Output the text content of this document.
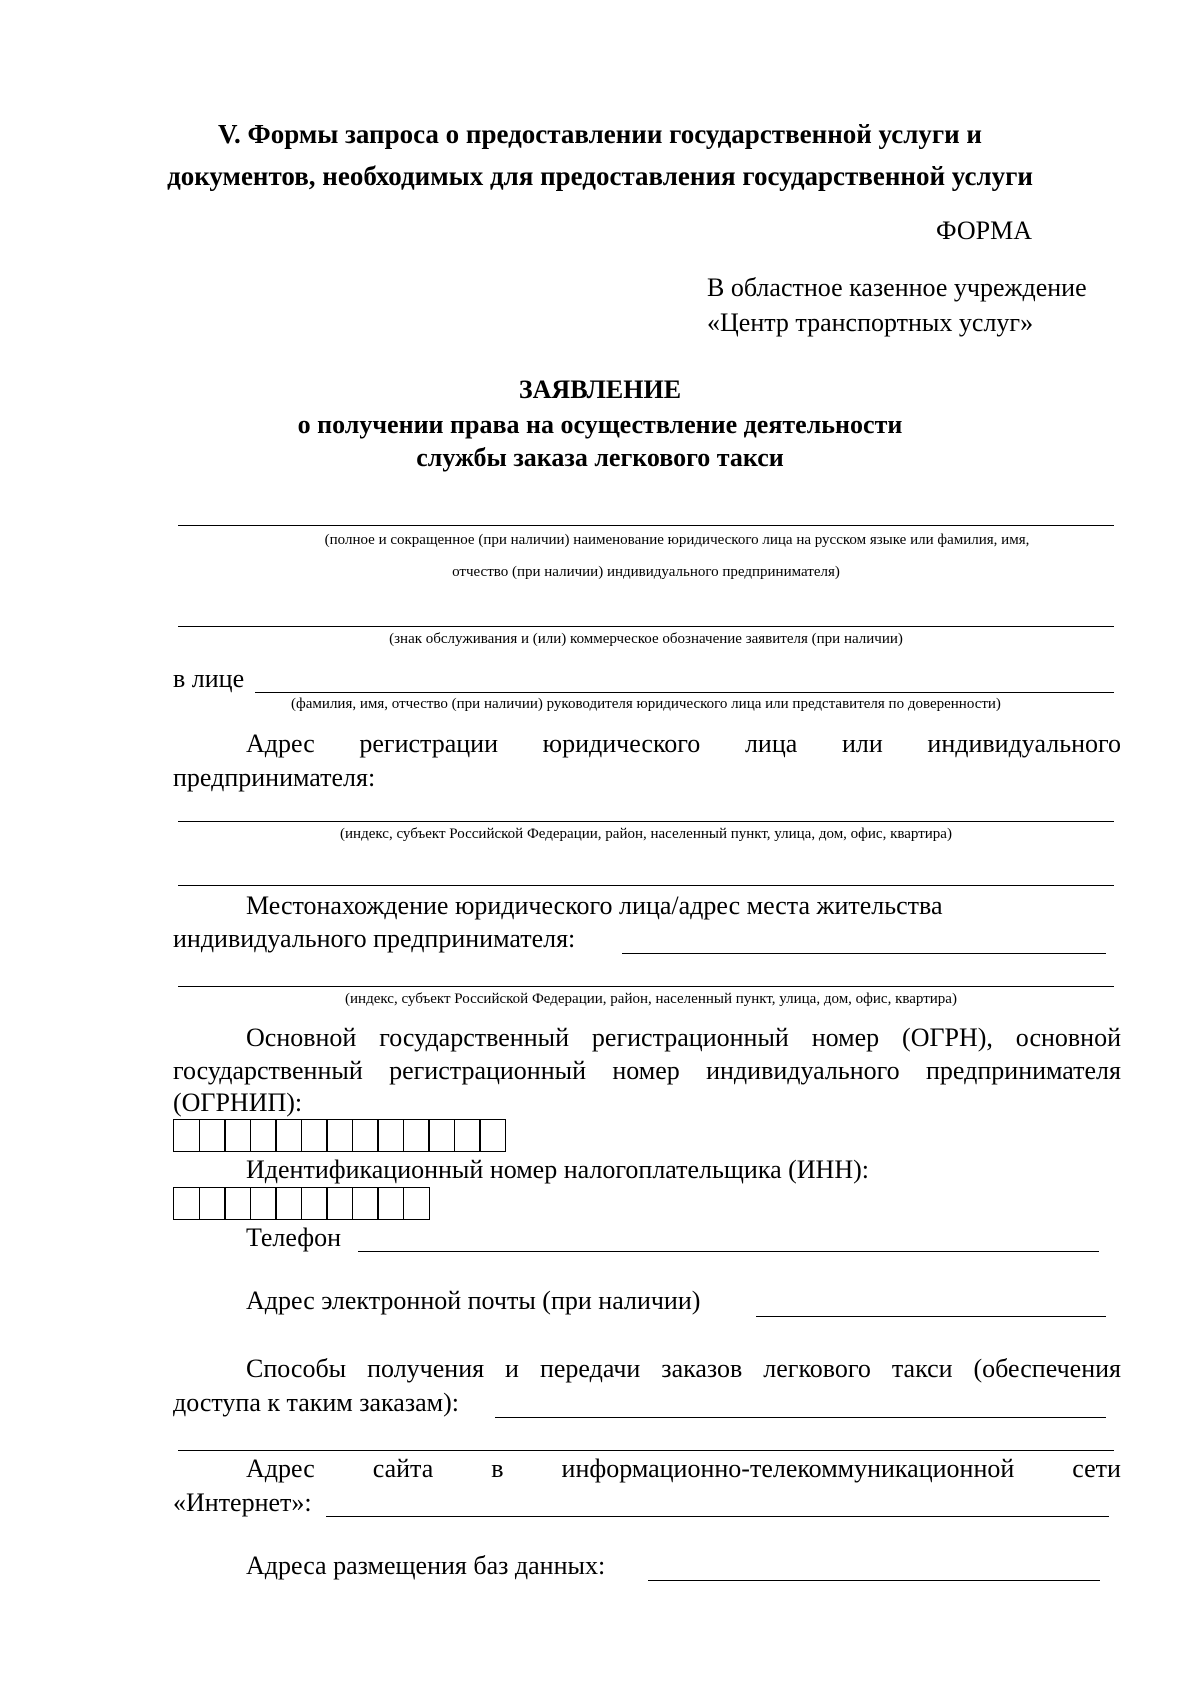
V. Формы запроса о предоставлении государственной услуги и
документов, необходимых для предоставления государственной услуги
ФОРМА
В областное казенное учреждение
«Центр транспортных услуг»
ЗАЯВЛЕНИЕ
о получении права на осуществление деятельности
службы заказа легкового такси
(полное и сокращенное (при наличии) наименование юридического лица на русском языке или фамилия, имя,
отчество (при наличии) индивидуального предпринимателя)
(знак обслуживания и (или) коммерческое обозначение заявителя (при наличии)
в лице
(фамилия, имя, отчество (при наличии) руководителя юридического лица или представителя по доверенности)
Адрес регистрации юридического лица или индивидуального
предпринимателя:
(индекс, субъект Российской Федерации, район, населенный пункт, улица, дом, офис, квартира)
Местонахождение юридического лица/адрес места жительства
индивидуального предпринимателя:
(индекс, субъект Российской Федерации, район, населенный пункт, улица, дом, офис, квартира)
Основной государственный регистрационный номер (ОГРН), основной
государственный регистрационный номер индивидуального предпринимателя
(ОГРНИП):
Идентификационный номер налогоплательщика (ИНН):
Телефон
Адрес электронной почты (при наличии)
Способы получения и передачи заказов легкового такси (обеспечения
доступа к таким заказам):
Адрес сайта в информационно-телекоммуникационной сети
«Интернет»:
Адреса размещения баз данных:
